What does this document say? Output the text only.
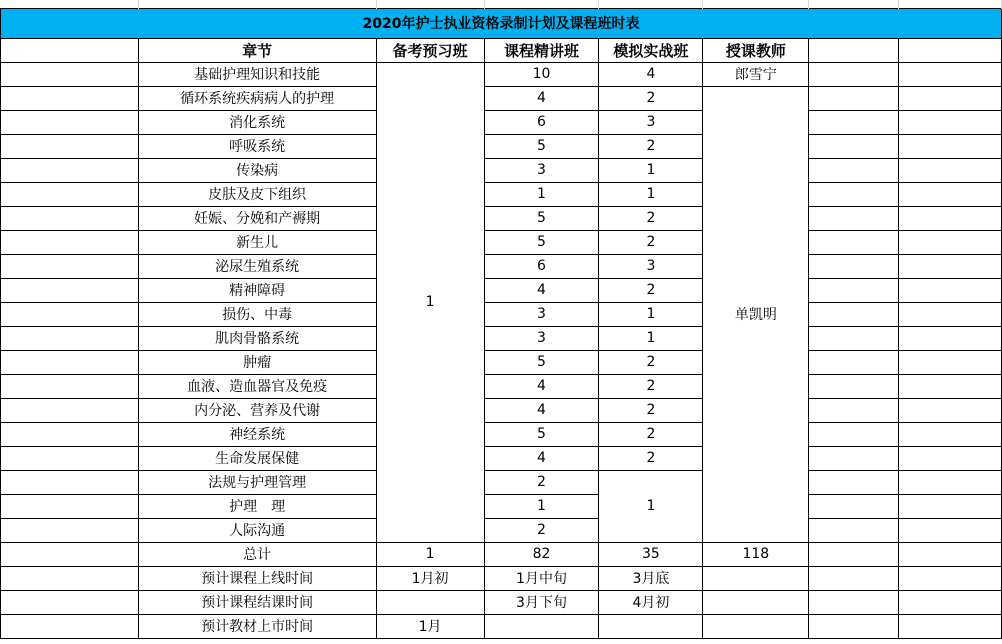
2020年护士执业资格录制计划及课程班时表							
	章节	备考预习班	课程精讲班	模拟实战班	授课教师		
	基础护理知识和技能	1	10	4	郎雪宁		
	循环系统疾病病人的护理		4	2	单凯明		
	消化系统		6	3			
	呼吸系统		5	2			
	传染病		3	1			
	皮肤及皮下组织		1	1			
	妊娠、分娩和产褥期		5	2			
	新生儿		5	2			
	泌尿生殖系统		6	3			
	精神障碍		4	2			
	损伤、中毒		3	1			
	肌肉骨骼系统		3	1			
	肿瘤		5	2			
	血液、造血器官及免疫		4	2			
	内分泌、营养及代谢		4	2			
	神经系统		5	2			
	生命发展保健		4	2			
	法规与护理管理		2	1			
	护理　理		1				
	人际沟通		2				
	总计	1	82	35	118		
	预计课程上线时间	1月初	1月中旬	3月底			
	预计课程结课时间		3月下旬	4月初			
	预计教材上市时间	1月					
